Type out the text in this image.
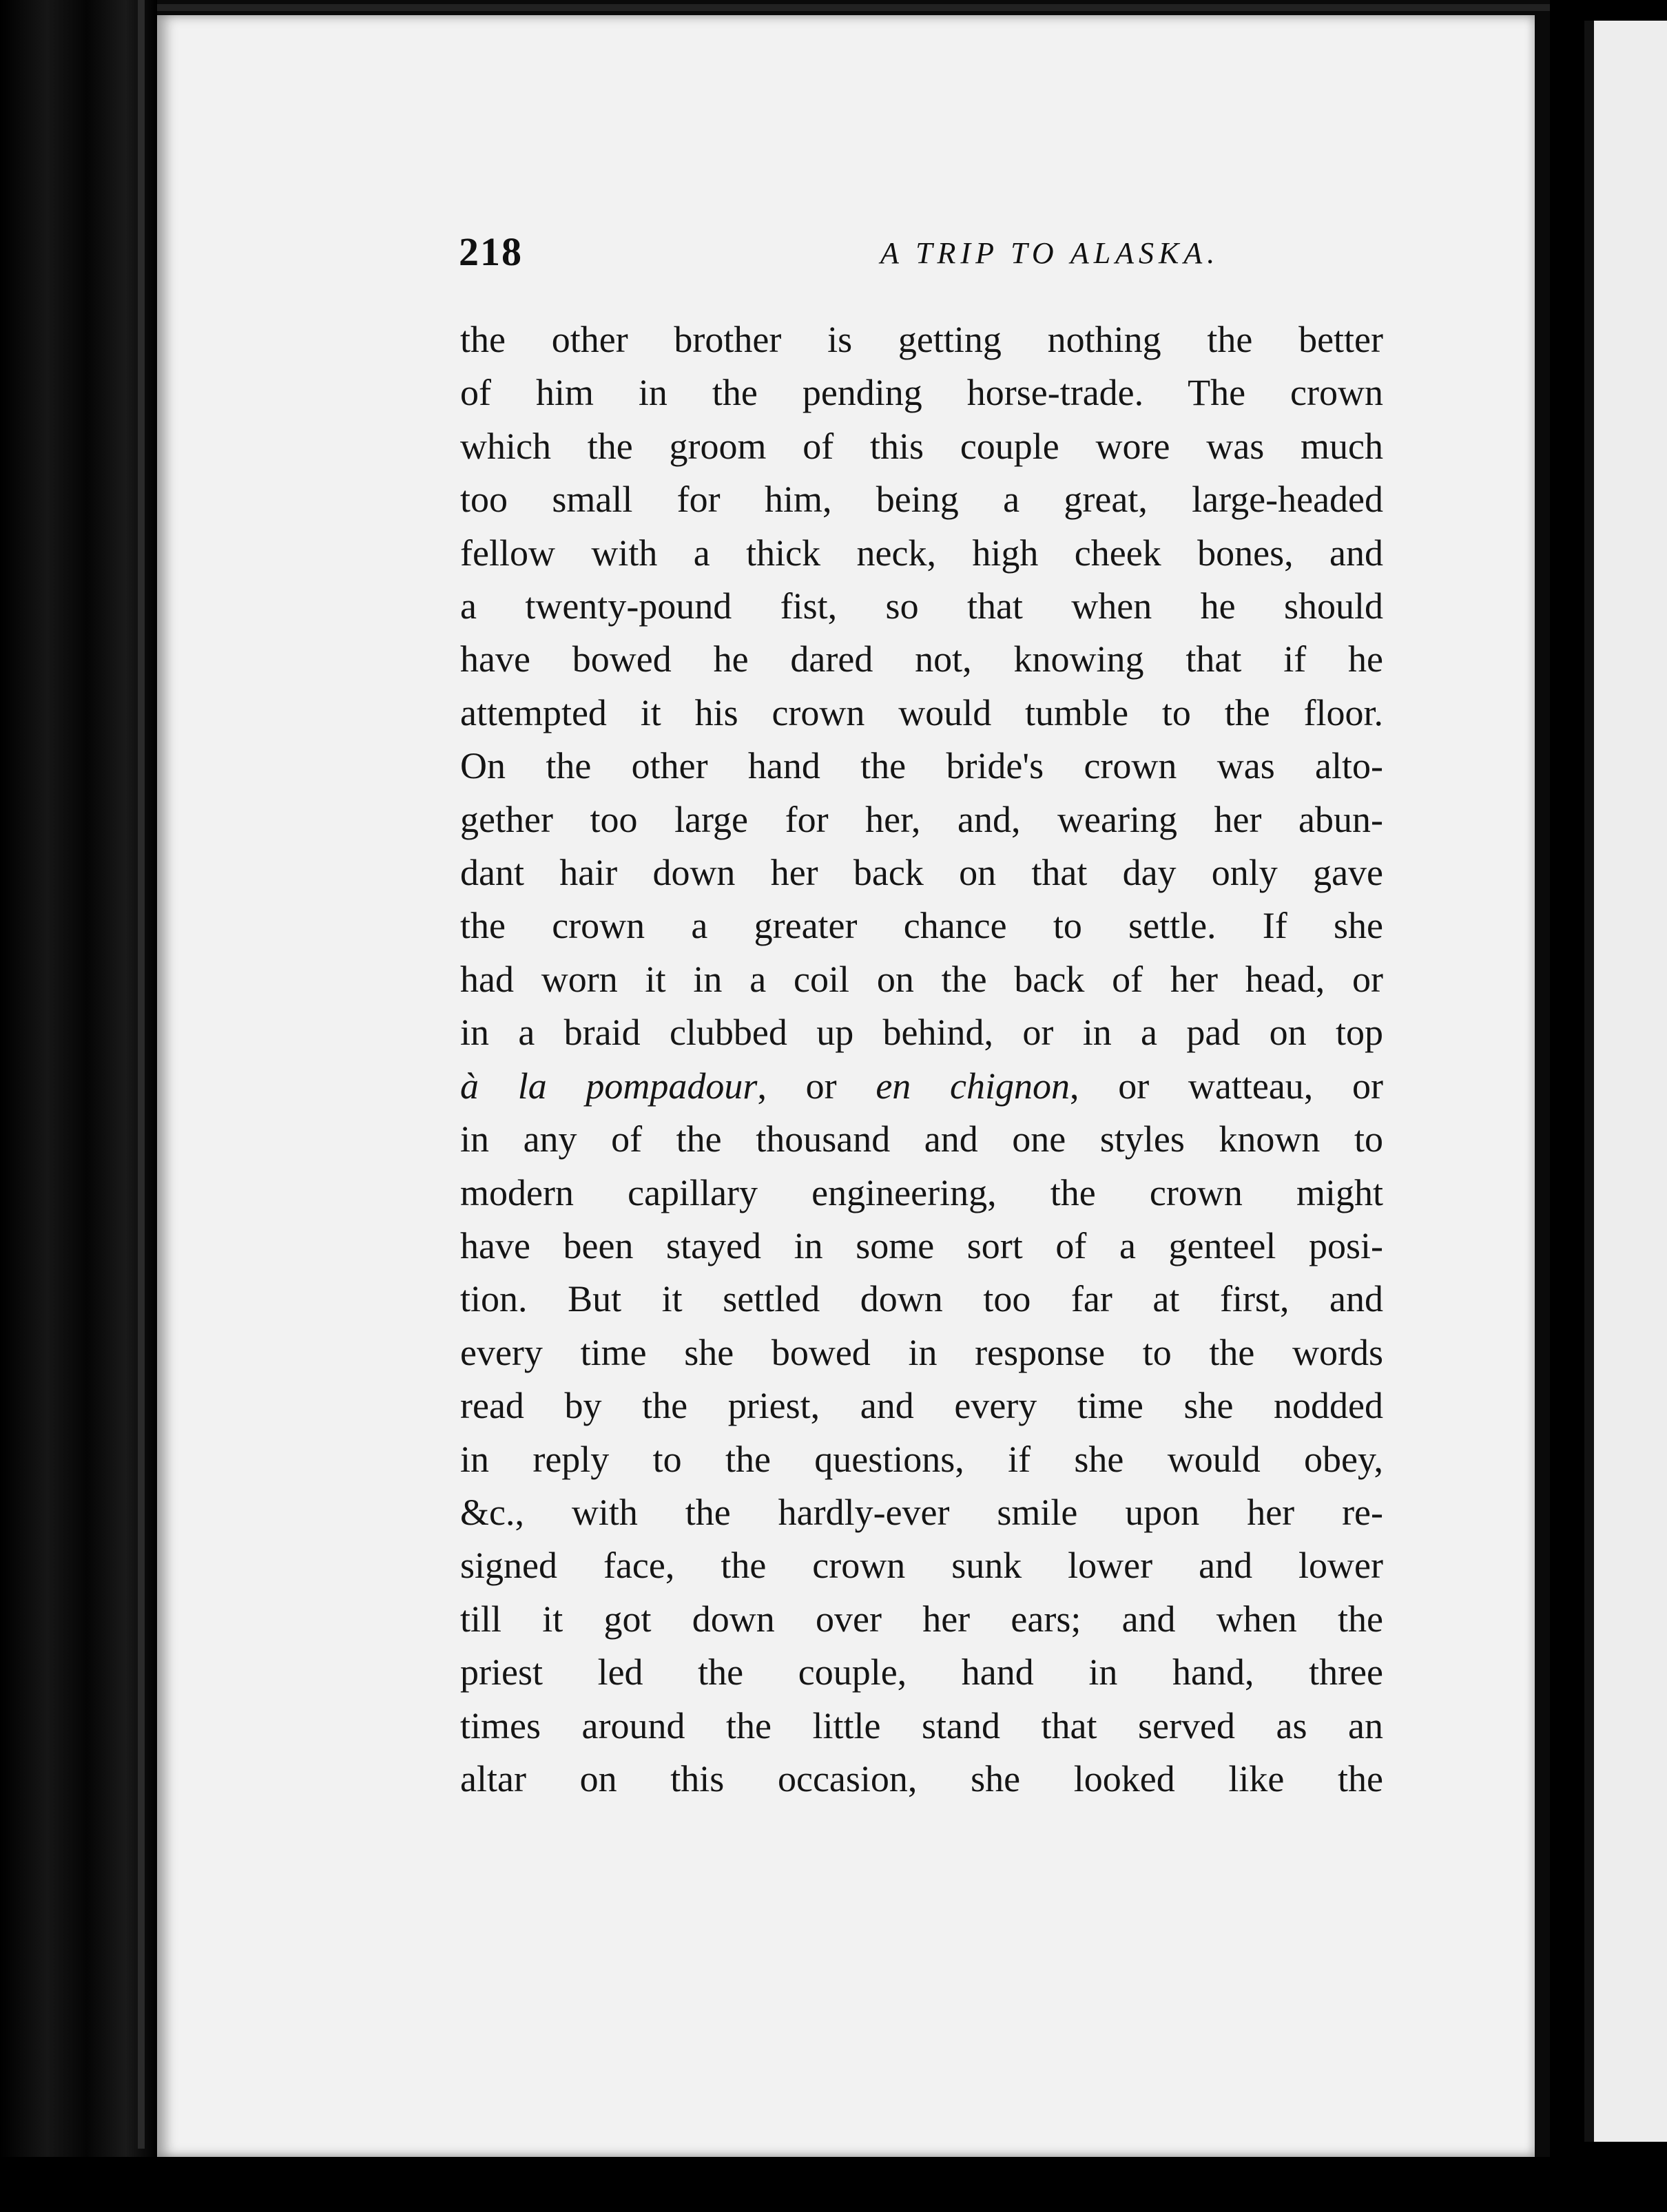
218	A TRIP TO ALASKA.
the other brother is getting nothing the better
of him in the pending horse-trade. The crown
which the groom of this couple wore was much
too small for him, being a great, large-headed
fellow with a thick neck, high cheek bones, and
a twenty-pound fist, so that when he should
have bowed he dared not, knowing that if he
attempted it his crown would tumble to the floor.
On the other hand the bride's crown was alto-
gether too large for her, and, wearing her abun-
dant hair down her back on that day only gave
the crown a greater chance to settle. If she
had worn it in a coil on the back of her head, or
in a braid clubbed up behind, or in a pad on top
à la pompadour, or en chignon, or watteau, or
in any of the thousand and one styles known to
modern capillary engineering, the crown might
have been stayed in some sort of a genteel posi-
tion. But it settled down too far at first, and
every time she bowed in response to the words
read by the priest, and every time she nodded
in reply to the questions, if she would obey,
&c., with the hardly-ever smile upon her re-
signed face, the crown sunk lower and lower
till it got down over her ears; and when the
priest led the couple, hand in hand, three
times around the little stand that served as an
altar on this occasion, she looked like the
